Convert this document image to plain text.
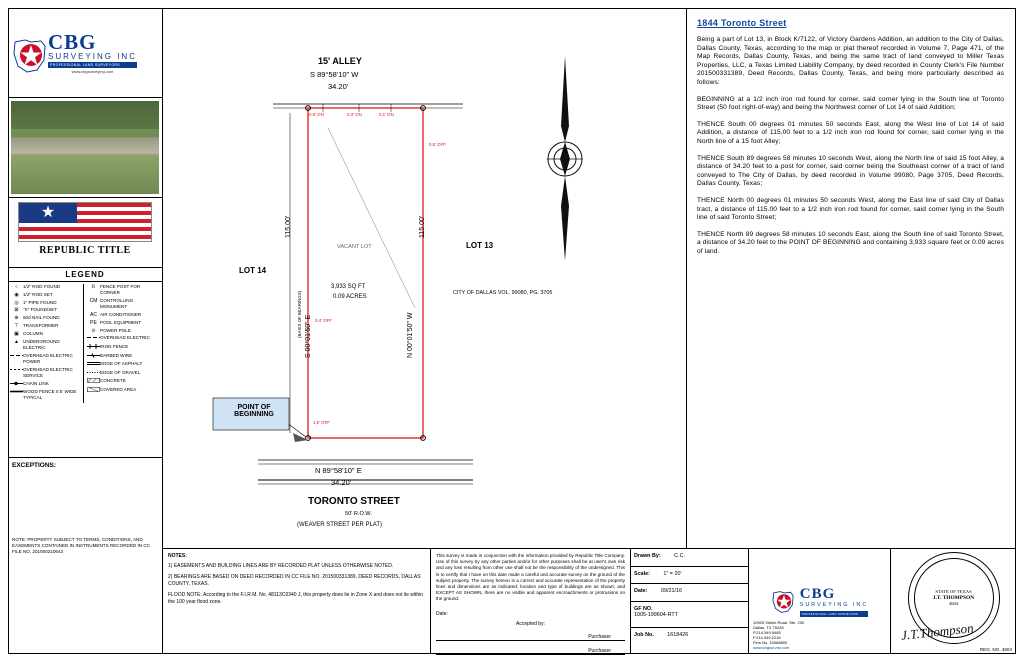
CBG
SURVEYING INC
PROFESSIONAL LAND SURVEYORS
www.cbgsurveying.com
★
REPUBLIC TITLE
LEGEND
○	1/2" ROD FOUND
◉ 1/2" ROD SET
◎ 1" PIPE FOUND
⊠ "X" FOUND/SET
⊕ 60d NAIL FOUND
⊤ TRANSFORMER
▣ COLUMN
▲ UNDERGROUND ELECTRIC
OVERHEAD ELECTRIC POWER
OVERHEAD ELECTRIC SERVICE
CHAIN LINK
WOOD FENCE 0.5' WIDE TYPICAL
⌷	FENCE POST FOR CORNER
CM CONTROLLING MONUMENT
AC AIR CONDITIONER
PE POOL EQUIPMENT
⊙ POWER POLE
OVERHEAD ELECTRIC
IRON FENCE
BARBED WIRE
EDGE OF ASPHALT
EDGE OF GRAVEL
CONCRETE
COVERED AREA
EXCEPTIONS:
NOTE: PROPERTY SUBJECT TO TERMS, CONDITIONS, AND EASEMENTS CONTAINED IN INSTRUMENTS RECORDED IN CC FILE NO. 201500210643
N
15' ALLEY
S 89°58'10" W
34.20'
0.8' ON	0.3' ON	0.1' ON
0.5' OFF
0.4' OFF
1.5' OFF
115.00'
S 00°01'50" E
(BASIS OF BEARINGS)
115.00'
N 00°01'50" W
LOT 14
LOT 13
VACANT LOT
3,933 SQ FT
0.09 ACRES
CITY OF DALLAS VOL. 99080, PG. 3705
POINT OF BEGINNING
N 89°58'10" E
34.20'
TORONTO STREET
50' R.O.W.
(WEAVER STREET PER PLAT)
1844 Toronto Street
Being a part of Lot 13, in Block K/7122, of Victory Gardens Addition, an addition to the City of Dallas, Dallas County, Texas, according to the map or plat thereof recorded in Volume 7, Page 471, of the Map Records, Dallas County, Texas, and being the same tract of land conveyed to Miller Texas Properties, LLC, a Texas Limited Liability Company, by deed recorded in County Clerk's File Number 201500331389, Deed Records, Dallas County, Texas, and being more particularly described as follows:
BEGINNING at a 1/2 inch iron rod found for corner, said corner lying in the South line of Toronto Street (50 foot right-of-way) and being the Northwest corner of Lot 14 of said Addition;
THENCE South 00 degrees 01 minutes 50 seconds East, along the West line of Lot 14 of said Addition, a distance of 115.00 feet to a 1/2 inch iron rod found for corner, said corner lying in the North line of a 15 foot Alley;
THENCE South 89 degrees 58 minutes 10 seconds West, along the North line of said 15 foot Alley, a distance of 34.20 feet to a post for corner, said corner being the Southeast corner of a tract of land conveyed to The City of Dallas, by deed recorded in Volume 99080, Page 3705, Deed Records, Dallas County, Texas;
THENCE North 00 degrees 01 minutes 50 seconds West, along the East line of said City of Dallas tract, a distance of 115.00 feet to a 1/2 inch iron rod found for corner, said corner lying in the South line of said Toronto Street;
THENCE North 89 degrees 58 minutes 10 seconds East, along the South line of said Toronto Street, a distance of 34.20 feet to the POINT OF BEGINNING and containing 3,933 square feet or 0.09 acres of land.
NOTES:
1) EASEMENTS AND BUILDING LINES ARE BY RECORDED PLAT UNLESS OTHERWISE NOTED.
2) BEARINGS ARE BASED ON DEED RECORDED IN CC FILE NO. 201500331389, DEED RECORDS, DALLAS COUNTY, TEXAS.
FLOOD NOTE: According to the F.I.R.M. No. 48113C0340 J, this property does lie in Zone X and does not lie within the 100 year flood zone.
This survey is made in conjunction with the information provided by Republic Title Company. Use of this survey by any other parties and/or for other purposes shall be at user's own risk and any loss resulting from other use shall not be the responsibility of the undersigned. This is to certify that I have on this date made a careful and accurate survey on the ground of the subject property. The survey hereon is a correct and accurate representation of the property lines and dimensions are as indicated; location and type of buildings are as shown; and EXCEPT AS SHOWN, there are no visible and apparent encroachments or protrusions on the ground.
Date:
Accepted by:
Purchaser
Purchaser
Drawn By:	C.C.
Scale:	1" = 20'
Date:	09/21/16
GF NO.
1005-199604-RTT
Job No.	1618426
CBG
SURVEYING INC
PROFESSIONAL LAND SURVEYORS
10925 Shiloh Road, Ste. 230
Dallas, TX 75228
P.214.349.9485
F.214.349.2216
Firm No. 10068800
www.cbgsurvey.com
STATE OF TEXAS
J.T. THOMPSON
4604
J.T.Thompson
REG. NO. 4604
